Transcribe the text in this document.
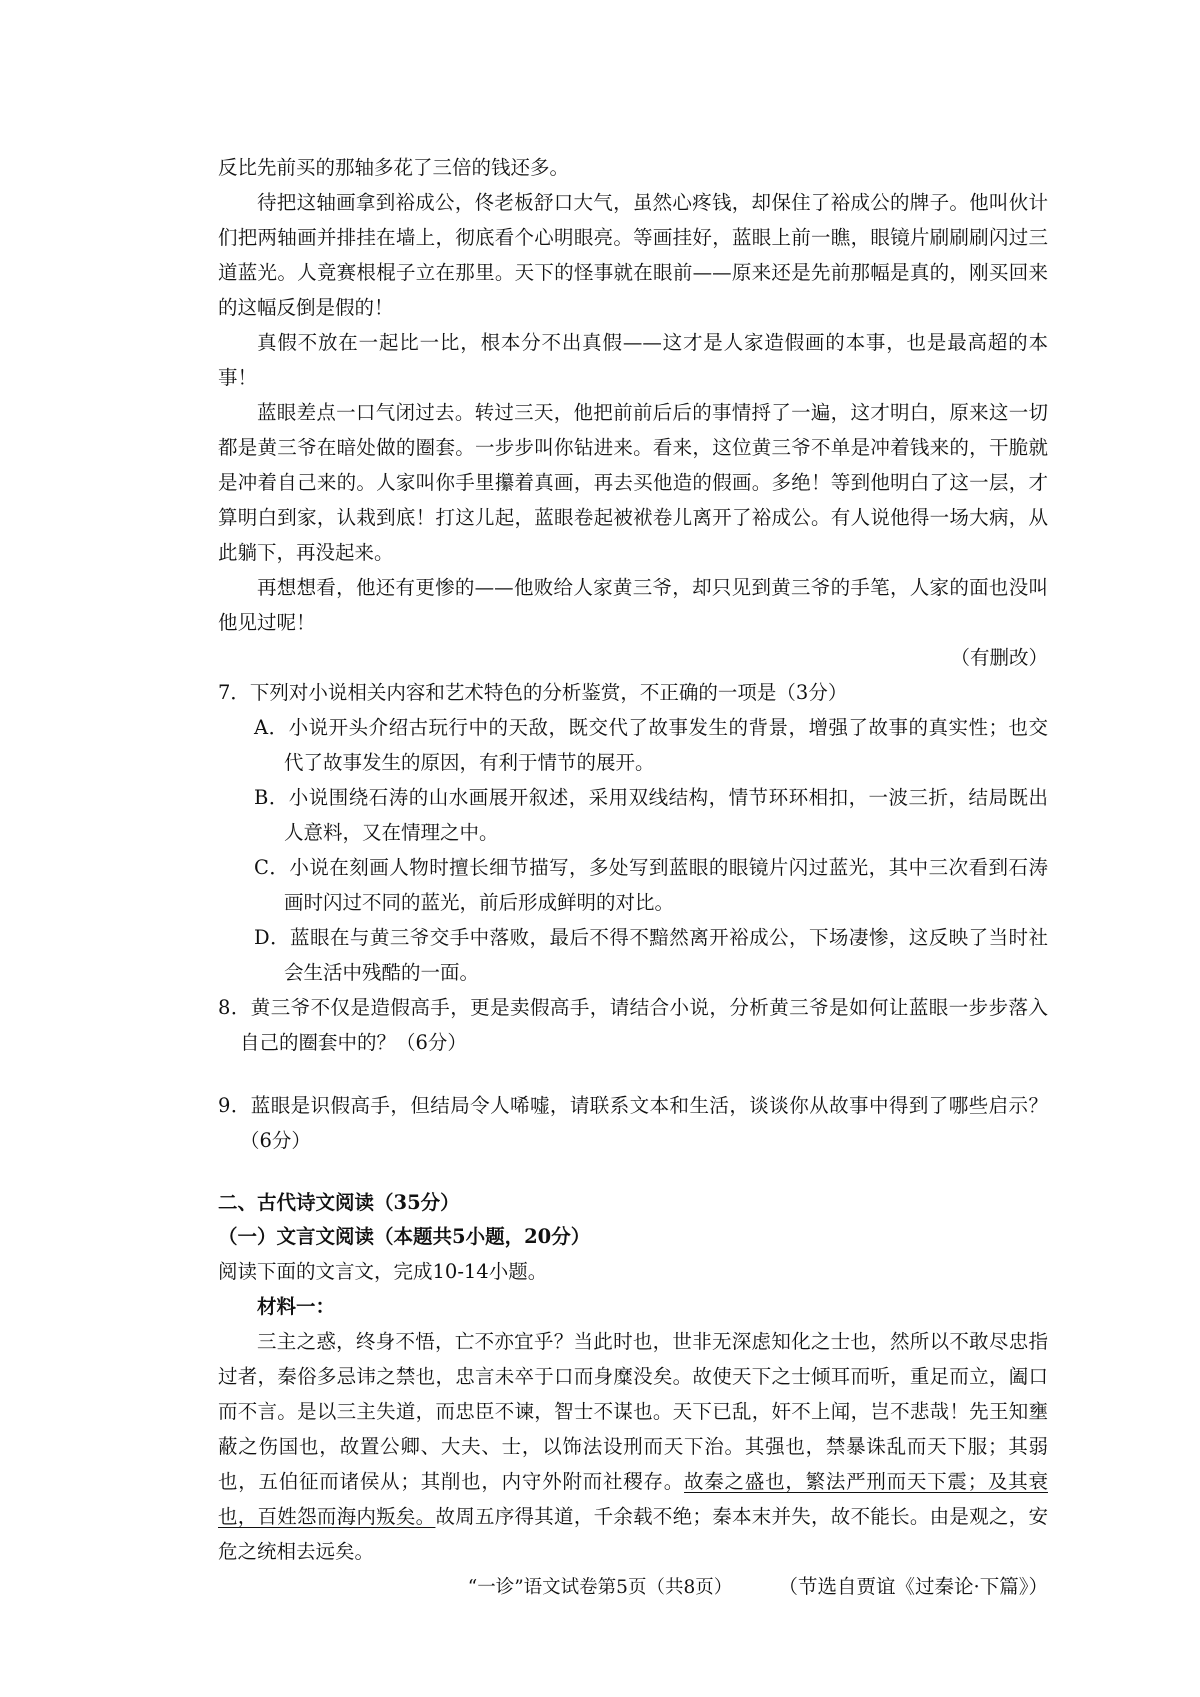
反比先前买的那轴多花了三倍的钱还多。

待把这轴画拿到裕成公，佟老板舒口大气，虽然心疼钱，却保住了裕成公的牌子。他叫伙计们把两轴画并排挂在墙上，彻底看个心明眼亮。等画挂好，蓝眼上前一瞧，眼镜片刷刷刷闪过三道蓝光。人竟赛根棍子立在那里。天下的怪事就在眼前——原来还是先前那幅是真的，刚买回来的这幅反倒是假的！

真假不放在一起比一比，根本分不出真假——这才是人家造假画的本事，也是最高超的本事！

蓝眼差点一口气闭过去。转过三天，他把前前后后的事情捋了一遍，这才明白，原来这一切都是黄三爷在暗处做的圈套。一步步叫你钻进来。看来，这位黄三爷不单是冲着钱来的，干脆就是冲着自己来的。人家叫你手里攥着真画，再去买他造的假画。多绝！等到他明白了这一层，才算明白到家，认栽到底！打这儿起，蓝眼卷起被袱卷儿离开了裕成公。有人说他得一场大病，从此躺下，再没起来。

再想想看，他还有更惨的——他败给人家黄三爷，却只见到黄三爷的手笔，人家的面也没叫他见过呢！

（有删改）

7．下列对小说相关内容和艺术特色的分析鉴赏，不正确的一项是（3分）

A．小说开头介绍古玩行中的天敌，既交代了故事发生的背景，增强了故事的真实性；也交代了故事发生的原因，有利于情节的展开。

B．小说围绕石涛的山水画展开叙述，采用双线结构，情节环环相扣，一波三折，结局既出人意料，又在情理之中。

C．小说在刻画人物时擅长细节描写，多处写到蓝眼的眼镜片闪过蓝光，其中三次看到石涛画时闪过不同的蓝光，前后形成鲜明的对比。

D．蓝眼在与黄三爷交手中落败，最后不得不黯然离开裕成公，下场凄惨，这反映了当时社会生活中残酷的一面。

8．黄三爷不仅是造假高手，更是卖假高手，请结合小说，分析黄三爷是如何让蓝眼一步步落入自己的圈套中的？（6分）

9．蓝眼是识假高手，但结局令人唏嘘，请联系文本和生活，谈谈你从故事中得到了哪些启示？（6分）

二、古代诗文阅读（35分）

（一）文言文阅读（本题共5小题，20分）

阅读下面的文言文，完成10-14小题。

材料一：

三主之惑，终身不悟，亡不亦宜乎？当此时也，世非无深虑知化之士也，然所以不敢尽忠指过者，秦俗多忌讳之禁也，忠言未卒于口而身糜没矣。故使天下之士倾耳而听，重足而立，阖口而不言。是以三主失道，而忠臣不谏，智士不谋也。天下已乱，奸不上闻，岂不悲哉！先王知壅蔽之伤国也，故置公卿、大夫、士，以饰法设刑而天下治。其强也，禁暴诛乱而天下服；其弱也，五伯征而诸侯从；其削也，内守外附而社稷存。故秦之盛也，繁法严刑而天下震；及其衰也，百姓怨而海内叛矣。故周五序得其道，千余载不绝；秦本末并失，故不能长。由是观之，安危之统相去远矣。

（节选自贾谊《过秦论·下篇》）

“一诊”语文试卷第5页（共8页）
